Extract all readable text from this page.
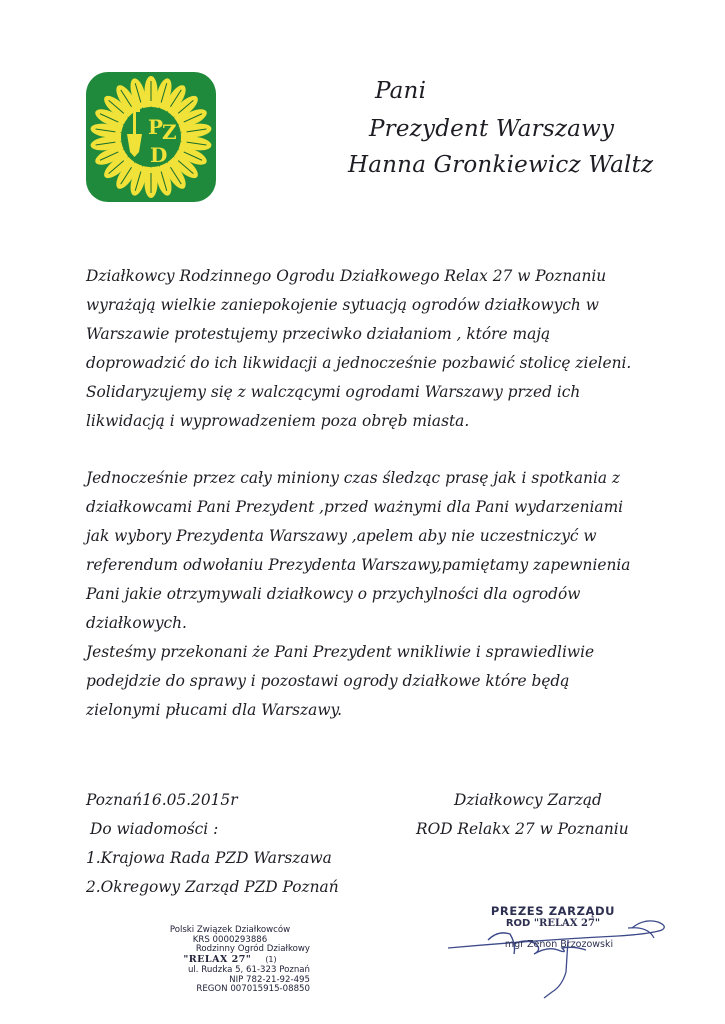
P
Z
D
Pani
Prezydent Warszawy
Hanna Gronkiewicz Waltz
Działkowcy Rodzinnego Ogrodu Działkowego Relax 27 w Poznaniu
wyrażają wielkie zaniepokojenie sytuacją ogrodów działkowych w
Warszawie protestujemy przeciwko działaniom , które mają
doprowadzić do ich likwidacji a jednocześnie pozbawić stolicę zieleni.
Solidaryzujemy się z walczącymi ogrodami Warszawy przed ich
likwidacją i wyprowadzeniem poza obręb miasta.
Jednocześnie przez cały miniony czas śledząc prasę jak i spotkania z
działkowcami Pani Prezydent ,przed ważnymi dla Pani wydarzeniami
jak wybory Prezydenta Warszawy ,apelem aby nie uczestniczyć w
referendum odwołaniu Prezydenta Warszawy,pamiętamy zapewnienia
Pani jakie otrzymywali działkowcy o przychylności dla ogrodów
działkowych.
Jesteśmy przekonani że Pani Prezydent wnikliwie i sprawiedliwie
podejdzie do sprawy i pozostawi ogrody działkowe które będą
zielonymi płucami dla Warszawy.
Poznań16.05.2015r
Do wiadomości :
1.Krajowa Rada PZD Warszawa
2.Okregowy Zarząd PZD Poznań
Działkowcy Zarząd
ROD Relakx 27 w Poznaniu
Polski Związek Działkowców
KRS 0000293886
Rodzinny Ogród Działkowy
"RELAX 27" (1)
ul. Rudzka 5, 61-323 Poznań
NIP 782-21-92-495
REGON 007015915-08850
PREZES ZARZĄDU
ROD "RELAX 27"
mgr Zenon Brzozowski
